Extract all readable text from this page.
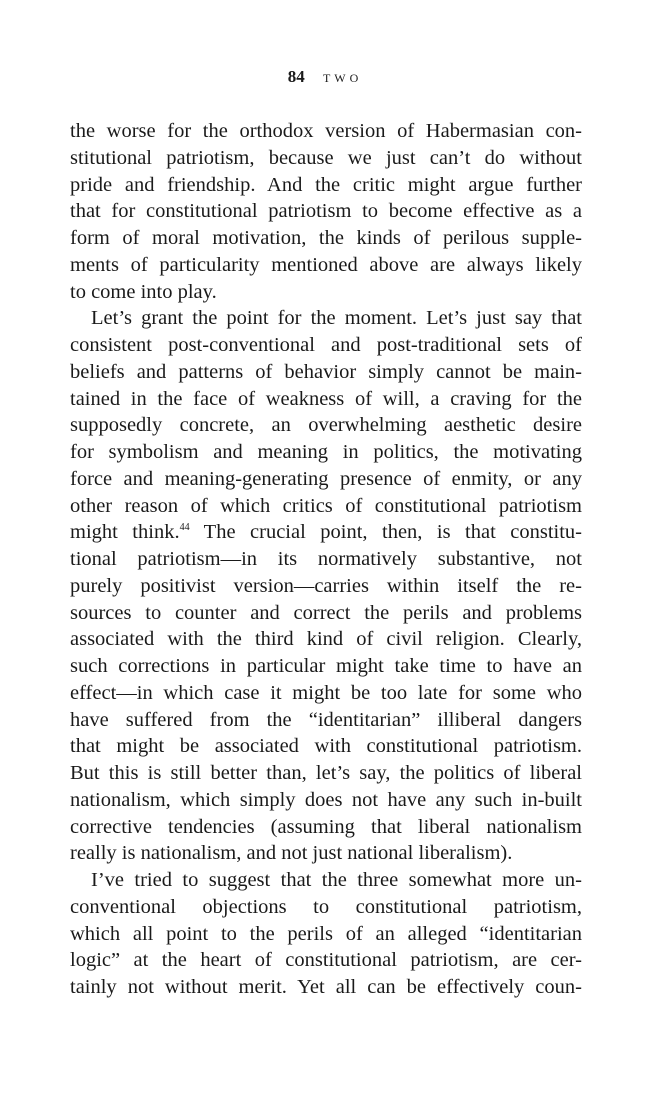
84 TWO
the worse for the orthodox version of Habermasian con-
stitutional patriotism, because we just can’t do without
pride and friendship. And the critic might argue further
that for constitutional patriotism to become effective as a
form of moral motivation, the kinds of perilous supple-
ments of particularity mentioned above are always likely
to come into play.
Let’s grant the point for the moment. Let’s just say that
consistent post-conventional and post-traditional sets of
beliefs and patterns of behavior simply cannot be main-
tained in the face of weakness of will, a craving for the
supposedly concrete, an overwhelming aesthetic desire
for symbolism and meaning in politics, the motivating
force and meaning-generating presence of enmity, or any
other reason of which critics of constitutional patriotism
might think.$^{44}$ The crucial point, then, is that constitu-
tional patriotism—in its normatively substantive, not
purely positivist version—carries within itself the re-
sources to counter and correct the perils and problems
associated with the third kind of civil religion. Clearly,
such corrections in particular might take time to have an
effect—in which case it might be too late for some who
have suffered from the “identitarian” illiberal dangers
that might be associated with constitutional patriotism.
But this is still better than, let’s say, the politics of liberal
nationalism, which simply does not have any such in-built
corrective tendencies (assuming that liberal nationalism
really is nationalism, and not just national liberalism).
I’ve tried to suggest that the three somewhat more un-
conventional objections to constitutional patriotism,
which all point to the perils of an alleged “identitarian
logic” at the heart of constitutional patriotism, are cer-
tainly not without merit. Yet all can be effectively coun-
